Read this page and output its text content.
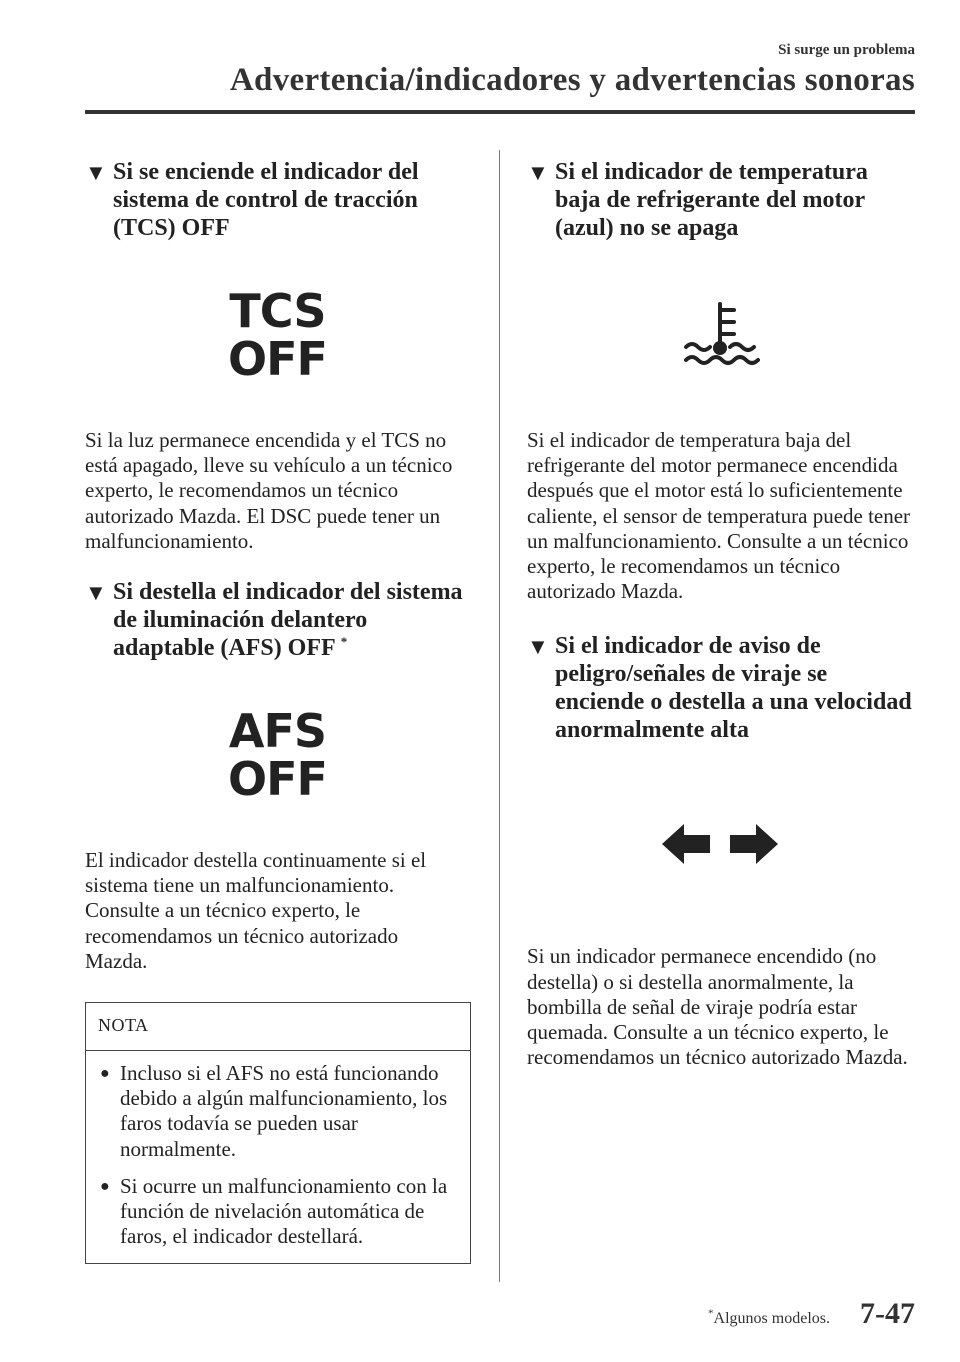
Si surge un problema
Advertencia/indicadores y advertencias sonoras
▼ Si se enciende el indicador del sistema de control de tracción (TCS) OFF
TCS
OFF

Si la luz permanece encendida y el TCS no está apagado, lleve su vehículo a un técnico experto, le recomendamos un técnico autorizado Mazda. El DSC puede tener un malfuncionamiento.

▼ Si destella el indicador del sistema de iluminación delantero adaptable (AFS) OFF *
AFS
OFF

El indicador destella continuamente si el sistema tiene un malfuncionamiento. Consulte a un técnico experto, le recomendamos un técnico autorizado Mazda.

NOTA
● Incluso si el AFS no está funcionando debido a algún malfuncionamiento, los faros todavía se pueden usar normalmente.
● Si ocurre un malfuncionamiento con la función de nivelación automática de faros, el indicador destellará.
▼ Si el indicador de temperatura baja de refrigerante del motor (azul) no se apaga

Si el indicador de temperatura baja del refrigerante del motor permanece encendida después que el motor está lo suficientemente caliente, el sensor de temperatura puede tener un malfuncionamiento. Consulte a un técnico experto, le recomendamos un técnico autorizado Mazda.

▼ Si el indicador de aviso de peligro/señales de viraje se enciende o destella a una velocidad anormalmente alta

Si un indicador permanece encendido (no destella) o si destella anormalmente, la bombilla de señal de viraje podría estar quemada. Consulte a un técnico experto, le recomendamos un técnico autorizado Mazda.

*Algunos modelos. 7-47
